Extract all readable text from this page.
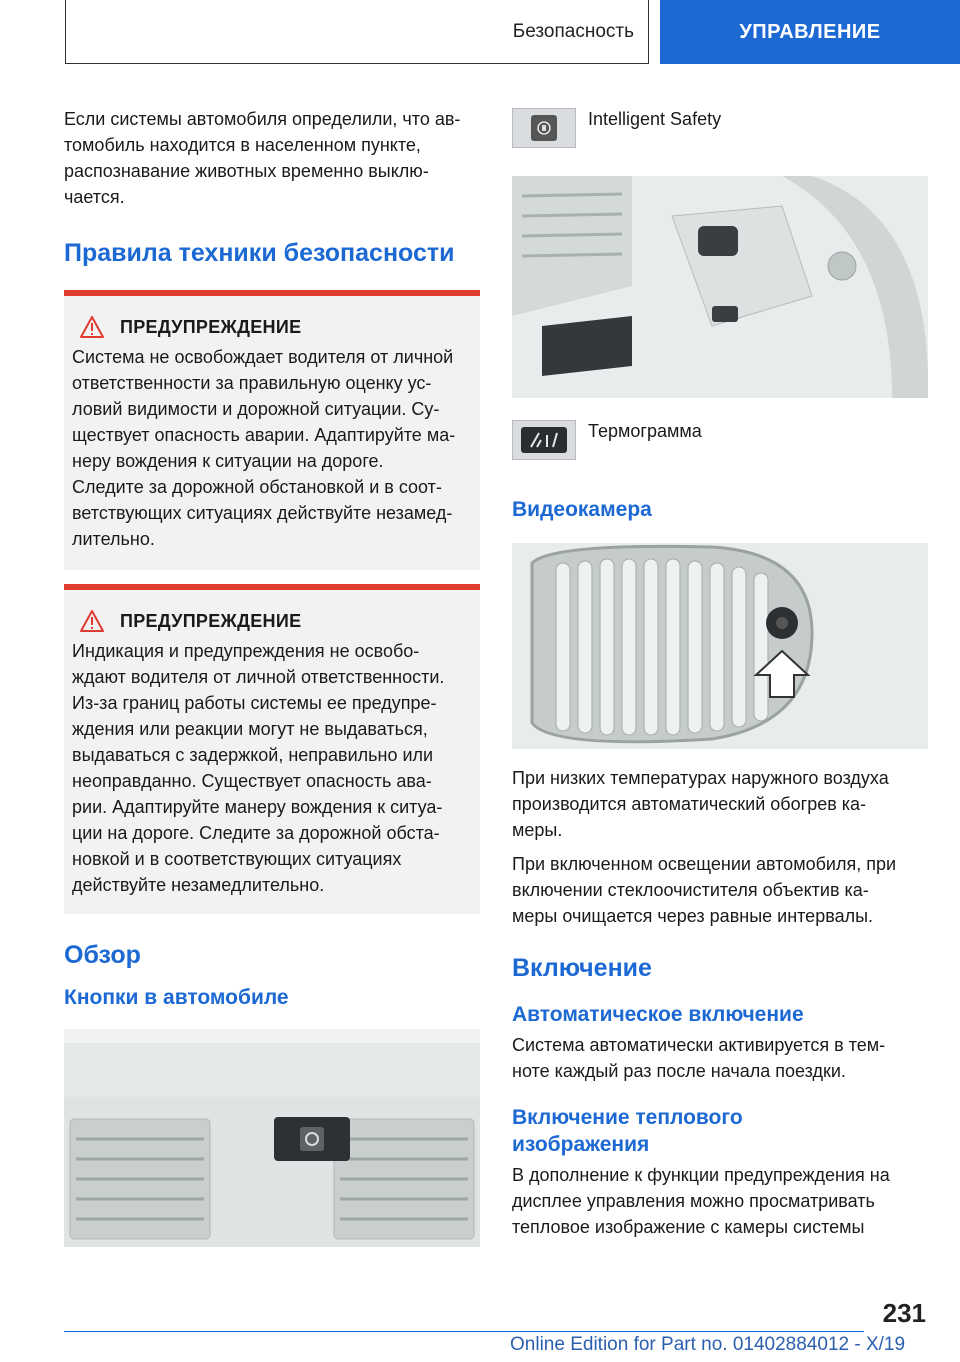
Безопасность	УПРАВЛЕНИЕ

Если системы автомобиля определили, что ав-

томобиль находится в населенном пункте,

распознавание животных временно выклю-

чается.

Правила техники безопасности
ПРЕДУПРЕЖДЕНИЕ

Система не освобождает водителя от личной

ответственности за правильную оценку ус-

ловий видимости и дорожной ситуации. Су-

ществует опасность аварии. Адаптируйте ма-

неру вождения к ситуации на дороге.

Следите за дорожной обстановкой и в соот-

ветствующих ситуациях действуйте незамед-

лительно.

ПРЕДУПРЕЖДЕНИЕ

Индикация и предупреждения не освобо-

ждают водителя от личной ответственности.

Из-за границ работы системы ее предупре-

ждения или реакции могут не выдаваться,

выдаваться с задержкой, неправильно или

неоправданно. Существует опасность ава-

рии. Адаптируйте манеру вождения к ситуа-

ции на дороге. Следите за дорожной обста-

новкой и в соответствующих ситуациях

действуйте незамедлительно.

Обзор
Кнопки в автомобиле

Intelligent Safety

Термограмма

Видеокамера

При низких температурах наружного воздуха

производится автоматический обогрев ка-

меры.

При включенном освещении автомобиля, при

включении стеклоочистителя объектив ка-

меры очищается через равные интервалы.

Включение
Автоматическое включение

Система автоматически активируется в тем-

ноте каждый раз после начала поездки.

Включение теплового
изображения

В дополнение к функции предупреждения на

дисплее управления можно просматривать

тепловое изображение с камеры системы

231
Online Edition for Part no. 01402884012 - X/19
